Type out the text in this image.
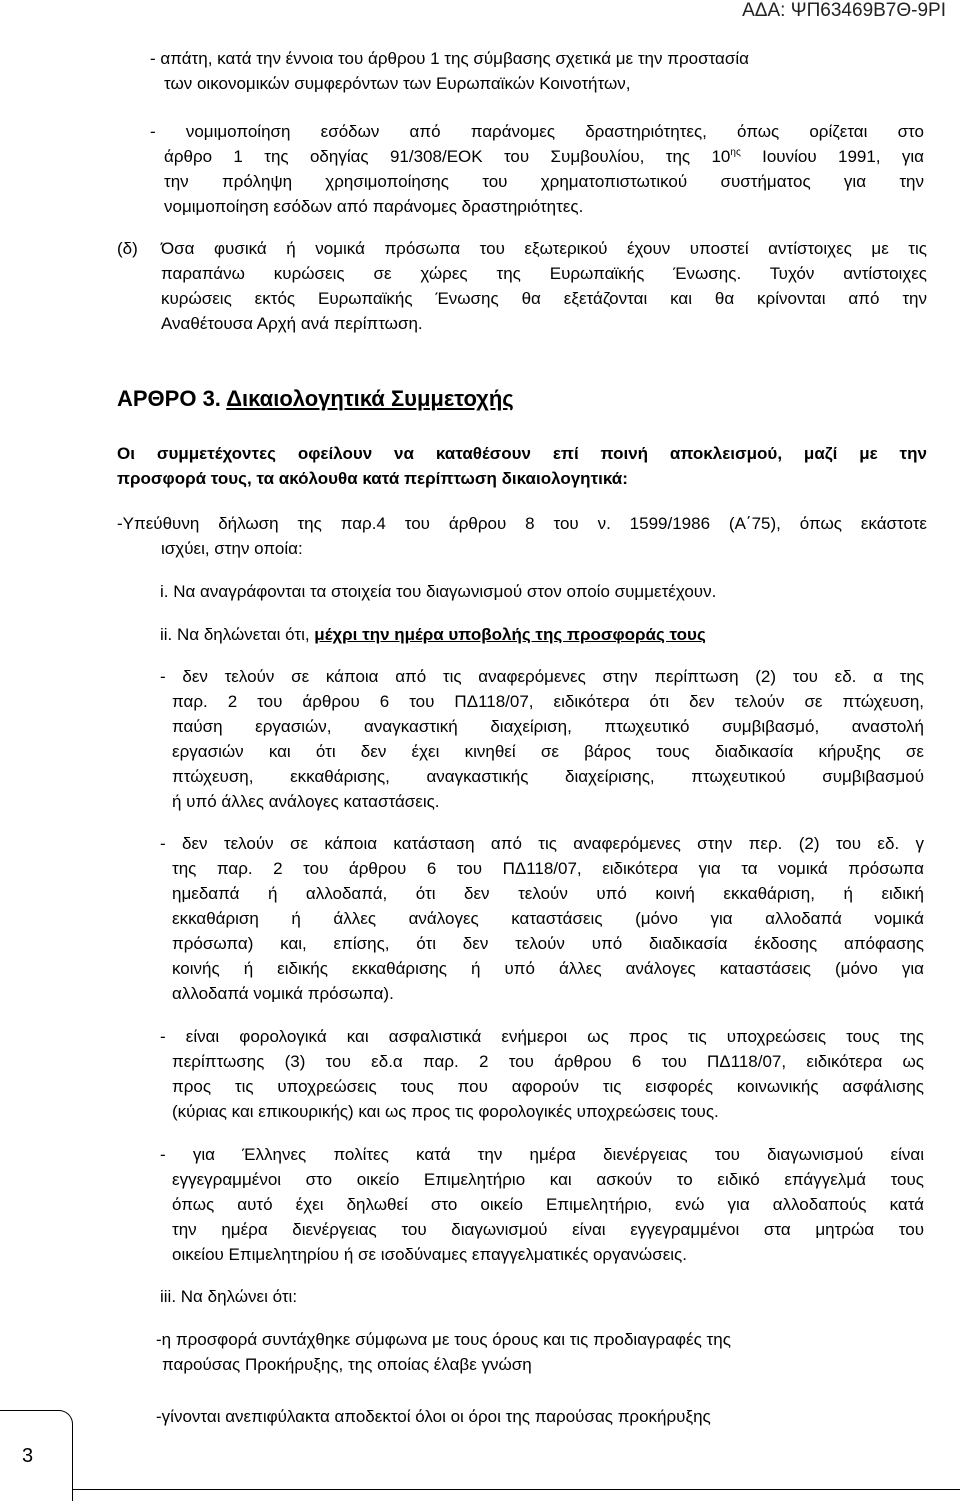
ΑΔΑ: ΨΠ63469Β7Θ-9ΡΙ
- απάτη, κατά την έννοια του άρθρου 1 της σύμβασης σχετικά με την προστασία
των οικονομικών συμφερόντων των Ευρωπαϊκών Κοινοτήτων,
- νομιμοποίηση εσόδων από παράνομες δραστηριότητες, όπως ορίζεται στο
άρθρο 1 της οδηγίας 91/308/ΕΟΚ του Συμβουλίου, της $10^{\eta\varsigma}$ Ιουνίου 1991, για
την πρόληψη χρησιμοποίησης του χρηματοπιστωτικού συστήματος για την
νομιμοποίηση εσόδων από παράνομες δραστηριότητες.
(δ) Όσα φυσικά ή νομικά πρόσωπα του εξωτερικού έχουν υποστεί αντίστοιχες με τις
παραπάνω κυρώσεις σε χώρες της Ευρωπαϊκής Ένωσης. Τυχόν αντίστοιχες
κυρώσεις εκτός Ευρωπαϊκής Ένωσης θα εξετάζονται και θα κρίνονται από την
Αναθέτουσα Αρχή ανά περίπτωση.
ΑΡΘΡΟ 3. Δικαιολογητικά Συμμετοχής
Οι συμμετέχοντες οφείλουν να καταθέσουν επί ποινή αποκλεισμού, μαζί με την
προσφορά τους, τα ακόλουθα κατά περίπτωση δικαιολογητικά:
-Υπεύθυνη δήλωση της παρ.4 του άρθρου 8 του ν. 1599/1986 (Α΄75), όπως εκάστοτε
ισχύει, στην οποία:
i. Να αναγράφονται τα στοιχεία του διαγωνισμού στον οποίο συμμετέχουν.
ii. Να δηλώνεται ότι, μέχρι την ημέρα υποβολής της προσφοράς τους
- δεν τελούν σε κάποια από τις αναφερόμενες στην περίπτωση (2) του εδ. α της
παρ. 2 του άρθρου 6 του ΠΔ118/07, ειδικότερα ότι δεν τελούν σε πτώχευση,
παύση εργασιών, αναγκαστική διαχείριση, πτωχευτικό συμβιβασμό, αναστολή
εργασιών και ότι δεν έχει κινηθεί σε βάρος τους διαδικασία κήρυξης σε
πτώχευση, εκκαθάρισης, αναγκαστικής διαχείρισης, πτωχευτικού συμβιβασμού
ή υπό άλλες ανάλογες καταστάσεις.
- δεν τελούν σε κάποια κατάσταση από τις αναφερόμενες στην περ. (2) του εδ. γ
της παρ. 2 του άρθρου 6 του ΠΔ118/07, ειδικότερα για τα νομικά πρόσωπα
ημεδαπά ή αλλοδαπά, ότι δεν τελούν υπό κοινή εκκαθάριση, ή ειδική
εκκαθάριση ή άλλες ανάλογες καταστάσεις (μόνο για αλλοδαπά νομικά
πρόσωπα) και, επίσης, ότι δεν τελούν υπό διαδικασία έκδοσης απόφασης
κοινής ή ειδικής εκκαθάρισης ή υπό άλλες ανάλογες καταστάσεις (μόνο για
αλλοδαπά νομικά πρόσωπα).
- είναι φορολογικά και ασφαλιστικά ενήμεροι ως προς τις υποχρεώσεις τους της
περίπτωσης (3) του εδ.α παρ. 2 του άρθρου 6 του ΠΔ118/07, ειδικότερα ως
προς τις υποχρεώσεις τους που αφορούν τις εισφορές κοινωνικής ασφάλισης
(κύριας και επικουρικής) και ως προς τις φορολογικές υποχρεώσεις τους.
- για Έλληνες πολίτες κατά την ημέρα διενέργειας του διαγωνισμού είναι
εγγεγραμμένοι στο οικείο Επιμελητήριο και ασκούν το ειδικό επάγγελμά τους
όπως αυτό έχει δηλωθεί στο οικείο Επιμελητήριο, ενώ για αλλοδαπούς κατά
την ημέρα διενέργειας του διαγωνισμού είναι εγγεγραμμένοι στα μητρώα του
οικείου Επιμελητηρίου ή σε ισοδύναμες επαγγελματικές οργανώσεις.
iii. Να δηλώνει ότι:
-η προσφορά συντάχθηκε σύμφωνα με τους όρους και τις προδιαγραφές της
παρούσας Προκήρυξης, της οποίας έλαβε γνώση
-γίνονται ανεπιφύλακτα αποδεκτοί όλοι οι όροι της παρούσας προκήρυξης
3
